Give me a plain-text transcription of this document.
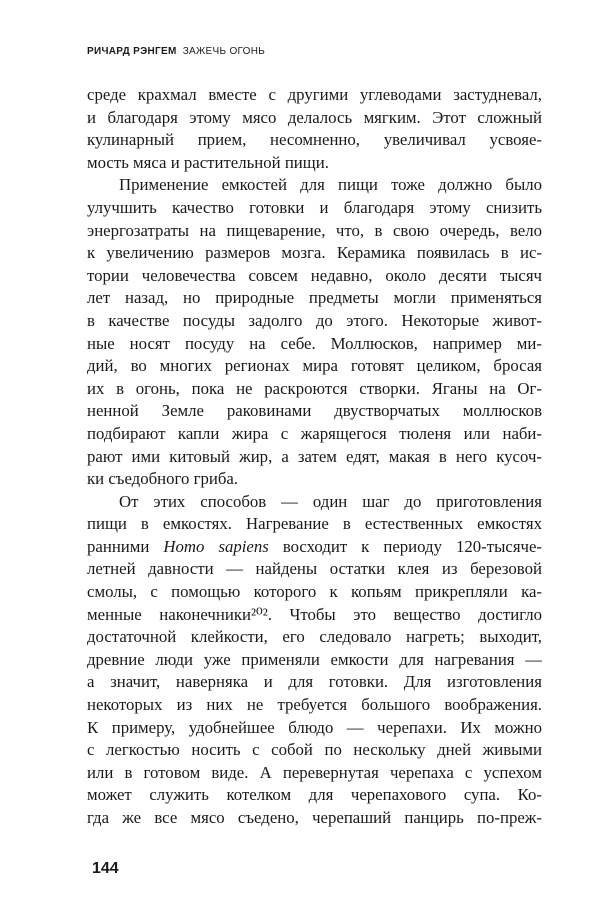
РИЧАРД РЭНГЕМ ЗАЖЕЧЬ ОГОНЬ
среде крахмал вместе с другими углеводами застудневал,
и благодаря этому мясо делалось мягким. Этот сложный
кулинарный прием, несомненно, увеличивал усвояе-
мость мяса и растительной пищи.
Применение емкостей для пищи тоже должно было
улучшить качество готовки и благодаря этому снизить
энергозатраты на пищеварение, что, в свою очередь, вело
к увеличению размеров мозга. Керамика появилась в ис-
тории человечества совсем недавно, около десяти тысяч
лет назад, но природные предметы могли применяться
в качестве посуды задолго до этого. Некоторые живот-
ные носят посуду на себе. Моллюсков, например ми-
дий, во многих регионах мира готовят целиком, бросая
их в огонь, пока не раскроются створки. Яганы на Ог-
ненной Земле раковинами двустворчатых моллюсков
подбирают капли жира с жарящегося тюленя или наби-
рают ими китовый жир, а затем едят, макая в него кусоч-
ки съедобного гриба.
От этих способов — один шаг до приготовления
пищи в емкостях. Нагревание в естественных емкостях
ранними Homo sapiens восходит к периоду 120-тысяче-
летней давности — найдены остатки клея из березовой
смолы, с помощью которого к копьям прикрепляли ка-
менные наконечники²⁰². Чтобы это вещество достигло
достаточной клейкости, его следовало нагреть; выходит,
древние люди уже применяли емкости для нагревания —
а значит, наверняка и для готовки. Для изготовления
некоторых из них не требуется большого воображения.
К примеру, удобнейшее блюдо — черепахи. Их можно
с легкостью носить с собой по нескольку дней живыми
или в готовом виде. А перевернутая черепаха с успехом
может служить котелком для черепахового супа. Ко-
гда же все мясо съедено, черепаший панцирь по-преж-
144
